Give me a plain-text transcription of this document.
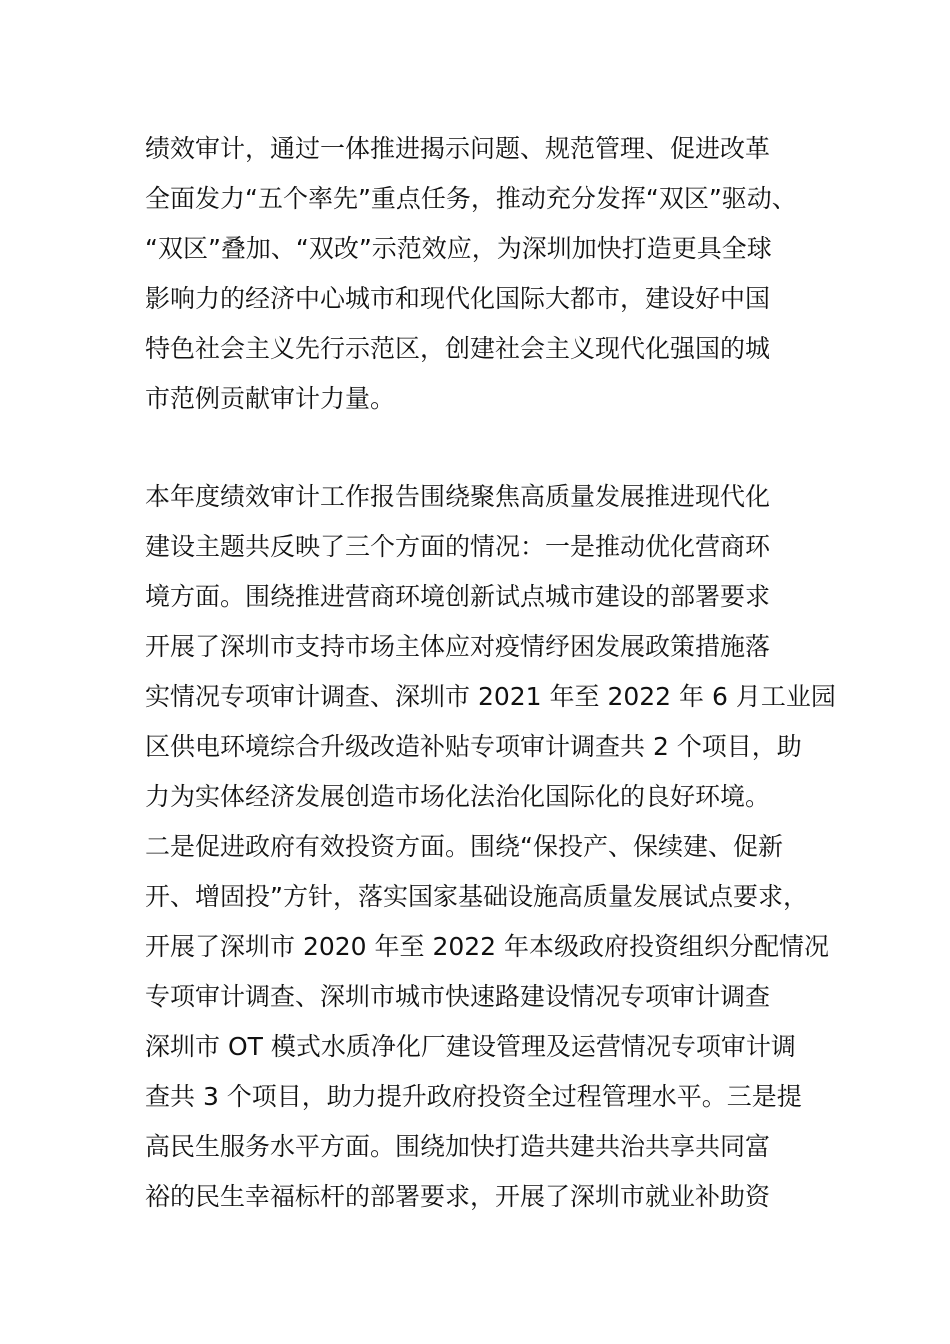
绩效审计，通过一体推进揭示问题、规范管理、促进改革
全面发力“五个率先”重点任务，推动充分发挥“双区”驱动、
“双区”叠加、“双改”示范效应，为深圳加快打造更具全球
影响力的经济中心城市和现代化国际大都市，建设好中国
特色社会主义先行示范区，创建社会主义现代化强国的城
市范例贡献审计力量。
本年度绩效审计工作报告围绕聚焦高质量发展推进现代化
建设主题共反映了三个方面的情况：一是推动优化营商环
境方面。围绕推进营商环境创新试点城市建设的部署要求
开展了深圳市支持市场主体应对疫情纾困发展政策措施落
实情况专项审计调查、深圳市 2021 年至 2022 年 6 月工业园
区供电环境综合升级改造补贴专项审计调查共 2 个项目，助
力为实体经济发展创造市场化法治化国际化的良好环境。
二是促进政府有效投资方面。围绕“保投产、保续建、促新
开、增固投”方针，落实国家基础设施高质量发展试点要求，
开展了深圳市 2020 年至 2022 年本级政府投资组织分配情况
专项审计调查、深圳市城市快速路建设情况专项审计调查
深圳市 OT 模式水质净化厂建设管理及运营情况专项审计调
查共 3 个项目，助力提升政府投资全过程管理水平。三是提
高民生服务水平方面。围绕加快打造共建共治共享共同富
裕的民生幸福标杆的部署要求，开展了深圳市就业补助资
